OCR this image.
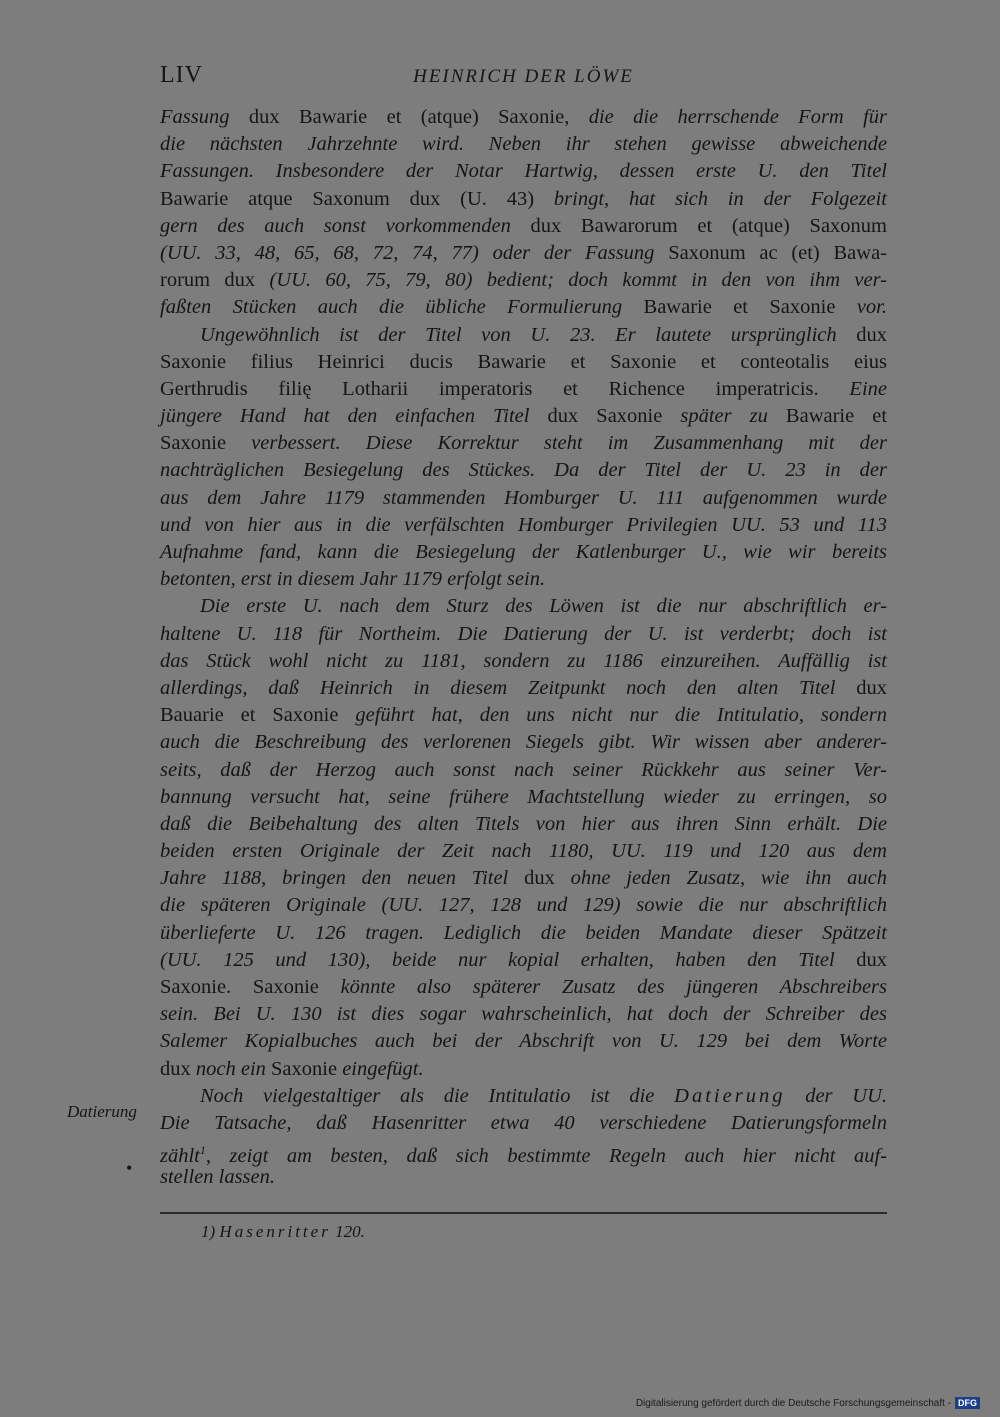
LIV	HEINRICH DER LÖWE
Fassung dux Bawarie et (atque) Saxonie, die die herrschende Form für
die nächsten Jahrzehnte wird. Neben ihr stehen gewisse abweichende
Fassungen. Insbesondere der Notar Hartwig, dessen erste U. den Titel
Bawarie atque Saxonum dux (U. 43) bringt, hat sich in der Folgezeit
gern des auch sonst vorkommenden dux Bawarorum et (atque) Saxonum
(UU. 33, 48, 65, 68, 72, 74, 77) oder der Fassung Saxonum ac (et) Bawa-
rorum dux (UU. 60, 75, 79, 80) bedient; doch kommt in den von ihm ver-
faßten Stücken auch die übliche Formulierung Bawarie et Saxonie vor.
Ungewöhnlich ist der Titel von U. 23. Er lautete ursprünglich dux
Saxonie filius Heinrici ducis Bawarie et Saxonie et conteotalis eius
Gerthrudis filię Lotharii imperatoris et Richence imperatricis. Eine
jüngere Hand hat den einfachen Titel dux Saxonie später zu Bawarie et
Saxonie verbessert. Diese Korrektur steht im Zusammenhang mit der
nachträglichen Besiegelung des Stückes. Da der Titel der U. 23 in der
aus dem Jahre 1179 stammenden Homburger U. 111 aufgenommen wurde
und von hier aus in die verfälschten Homburger Privilegien UU. 53 und 113
Aufnahme fand, kann die Besiegelung der Katlenburger U., wie wir bereits
betonten, erst in diesem Jahr 1179 erfolgt sein.
Die erste U. nach dem Sturz des Löwen ist die nur abschriftlich er-
haltene U. 118 für Northeim. Die Datierung der U. ist verderbt; doch ist
das Stück wohl nicht zu 1181, sondern zu 1186 einzureihen. Auffällig ist
allerdings, daß Heinrich in diesem Zeitpunkt noch den alten Titel dux
Bauarie et Saxonie geführt hat, den uns nicht nur die Intitulatio, sondern
auch die Beschreibung des verlorenen Siegels gibt. Wir wissen aber anderer-
seits, daß der Herzog auch sonst nach seiner Rückkehr aus seiner Ver-
bannung versucht hat, seine frühere Machtstellung wieder zu erringen, so
daß die Beibehaltung des alten Titels von hier aus ihren Sinn erhält. Die
beiden ersten Originale der Zeit nach 1180, UU. 119 und 120 aus dem
Jahre 1188, bringen den neuen Titel dux ohne jeden Zusatz, wie ihn auch
die späteren Originale (UU. 127, 128 und 129) sowie die nur abschriftlich
überlieferte U. 126 tragen. Lediglich die beiden Mandate dieser Spätzeit
(UU. 125 und 130), beide nur kopial erhalten, haben den Titel dux
Saxonie. Saxonie könnte also späterer Zusatz des jüngeren Abschreibers
sein. Bei U. 130 ist dies sogar wahrscheinlich, hat doch der Schreiber des
Salemer Kopialbuches auch bei der Abschrift von U. 129 bei dem Worte
dux noch ein Saxonie eingefügt.
Noch vielgestaltiger als die Intitulatio ist die Datierung der UU.
Die Tatsache, daß Hasenritter etwa 40 verschiedene Datierungsformeln
zählt$^1$, zeigt am besten, daß sich bestimmte Regeln auch hier nicht auf-
stellen lassen.
Datierung
•
1) Hasenritter 120.
Digitalisierung gefördert durch die Deutsche Forschungsgemeinschaft - DFG
